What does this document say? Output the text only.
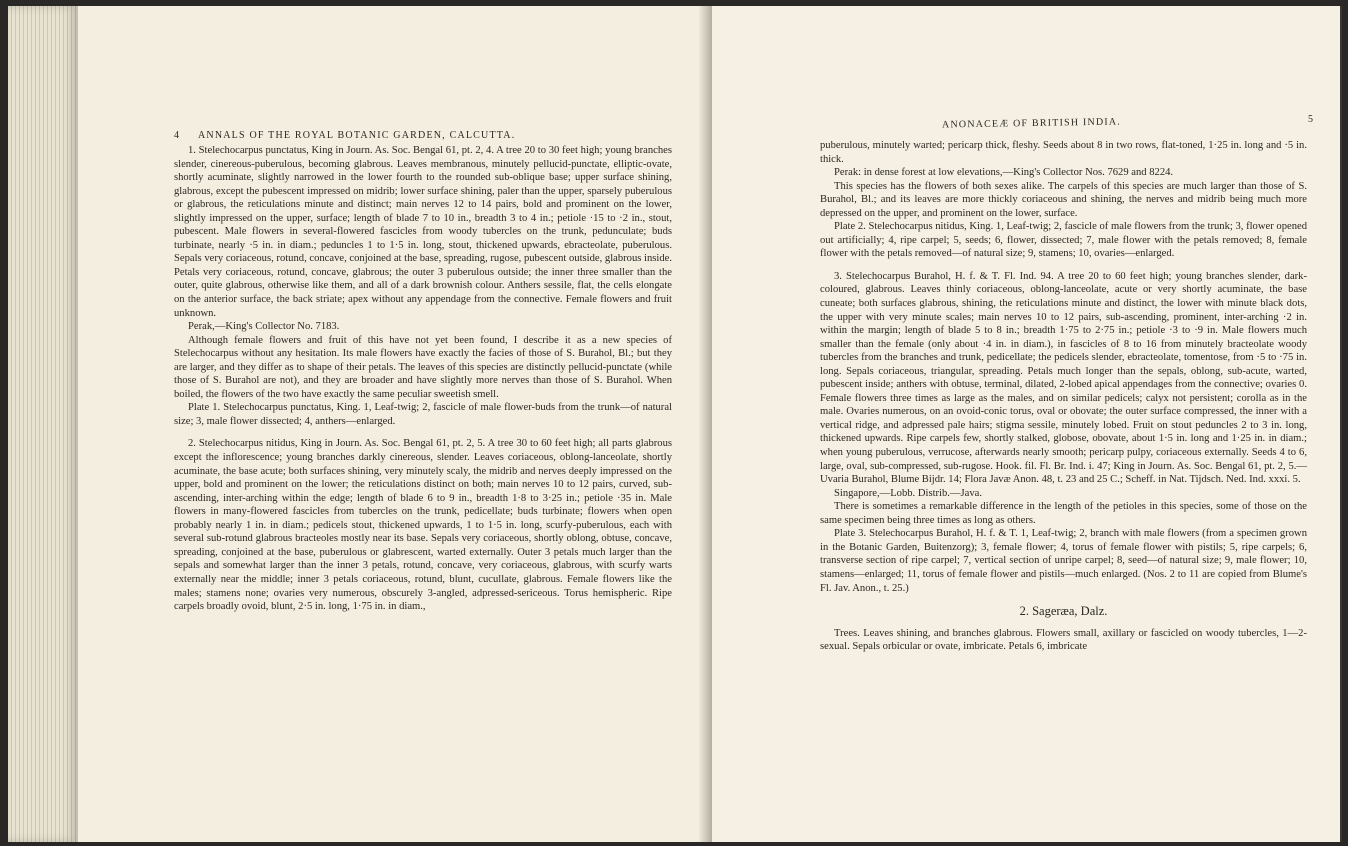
4 ANNALS OF THE ROYAL BOTANIC GARDEN, CALCUTTA.

1. Stelechocarpus punctatus, King in Journ. As. Soc. Bengal 61, pt. 2, 4. A tree 20 to 30 feet high; young branches slender, cinereous-puberulous, becoming glabrous. Leaves membranous, minutely pellucid-punctate, elliptic-ovate, shortly acuminate, slightly narrowed in the lower fourth to the rounded sub-oblique base; upper surface shining, glabrous, except the pubescent impressed on midrib; lower surface shining, paler than the upper, sparsely puberulous or glabrous, the reticulations minute and distinct; main nerves 12 to 14 pairs, bold and prominent on the lower, slightly impressed on the upper, surface; length of blade 7 to 10 in., breadth 3 to 4 in.; petiole ·15 to ·2 in., stout, pubescent. Male flowers in several-flowered fascicles from woody tubercles on the trunk, pedunculate; buds turbinate, nearly ·5 in. in diam.; peduncles 1 to 1·5 in. long, stout, thickened upwards, ebracteolate, puberulous. Sepals very coriaceous, rotund, concave, conjoined at the base, spreading, rugose, pubescent outside, glabrous inside. Petals very coriaceous, rotund, concave, glabrous; the outer 3 puberulous outside; the inner three smaller than the outer, quite glabrous, otherwise like them, and all of a dark brownish colour. Anthers sessile, flat, the cells elongate on the anterior surface, the back striate; apex without any appendage from the connective. Female flowers and fruit unknown.

Perak,—King's Collector No. 7183.

Although female flowers and fruit of this have not yet been found, I describe it as a new species of Stelechocarpus without any hesitation. Its male flowers have exactly the facies of those of S. Burahol, Bl.; but they are larger, and they differ as to shape of their petals. The leaves of this species are distinctly pellucid-punctate (while those of S. Burahol are not), and they are broader and have slightly more nerves than those of S. Burahol. When boiled, the flowers of the two have exactly the same peculiar sweetish smell.

Plate 1. Stelechocarpus punctatus, King. 1, Leaf-twig; 2, fascicle of male flower-buds from the trunk—of natural size; 3, male flower dissected; 4, anthers—enlarged.

2. Stelechocarpus nitidus, King in Journ. As. Soc. Bengal 61, pt. 2, 5. A tree 30 to 60 feet high; all parts glabrous except the inflorescence; young branches darkly cinereous, slender. Leaves coriaceous, oblong-lanceolate, shortly acuminate, the base acute; both surfaces shining, very minutely scaly, the midrib and nerves deeply impressed on the upper, bold and prominent on the lower; the reticulations distinct on both; main nerves 10 to 12 pairs, curved, sub-ascending, inter-arching within the edge; length of blade 6 to 9 in., breadth 1·8 to 3·25 in.; petiole ·35 in. Male flowers in many-flowered fascicles from tubercles on the trunk, pedicellate; buds turbinate; flowers when open probably nearly 1 in. in diam.; pedicels stout, thickened upwards, 1 to 1·5 in. long, scurfy-puberulous, each with several sub-rotund glabrous bracteoles mostly near its base. Sepals very coriaceous, shortly oblong, obtuse, concave, spreading, conjoined at the base, puberulous or glabrescent, warted externally. Outer 3 petals much larger than the sepals and somewhat larger than the inner 3 petals, rotund, concave, very coriaceous, glabrous, with scurfy warts externally near the middle; inner 3 petals coriaceous, rotund, blunt, cucullate, glabrous. Female flowers like the males; stamens none; ovaries very numerous, obscurely 3-angled, adpressed-sericeous. Torus hemispheric. Ripe carpels broadly ovoid, blunt, 2·5 in. long, 1·75 in. in diam.,

ANONACEÆ OF BRITISH INDIA.	5

puberulous, minutely warted; pericarp thick, fleshy. Seeds about 8 in two rows, flat-toned, 1·25 in. long and ·5 in. thick.

Perak: in dense forest at low elevations,—King's Collector Nos. 7629 and 8224.

This species has the flowers of both sexes alike. The carpels of this species are much larger than those of S. Burahol, Bl.; and its leaves are more thickly coriaceous and shining, the nerves and midrib being much more depressed on the upper, and prominent on the lower, surface.

Plate 2. Stelechocarpus nitidus, King. 1, Leaf-twig; 2, fascicle of male flowers from the trunk; 3, flower opened out artificially; 4, ripe carpel; 5, seeds; 6, flower, dissected; 7, male flower with the petals removed; 8, female flower with the petals removed—of natural size; 9, stamens; 10, ovaries—enlarged.

3. Stelechocarpus Burahol, H. f. & T. Fl. Ind. 94. A tree 20 to 60 feet high; young branches slender, dark-coloured, glabrous. Leaves thinly coriaceous, oblong-lanceolate, acute or very shortly acuminate, the base cuneate; both surfaces glabrous, shining, the reticulations minute and distinct, the lower with minute black dots, the upper with very minute scales; main nerves 10 to 12 pairs, sub-ascending, prominent, inter-arching ·2 in. within the margin; length of blade 5 to 8 in.; breadth 1·75 to 2·75 in.; petiole ·3 to ·9 in. Male flowers much smaller than the female (only about ·4 in. in diam.), in fascicles of 8 to 16 from minutely bracteolate woody tubercles from the branches and trunk, pedicellate; the pedicels slender, ebracteolate, tomentose, from ·5 to ·75 in. long. Sepals coriaceous, triangular, spreading. Petals much longer than the sepals, oblong, sub-acute, warted, pubescent inside; anthers with obtuse, terminal, dilated, 2-lobed apical appendages from the connective; ovaries 0. Female flowers three times as large as the males, and on similar pedicels; calyx not persistent; corolla as in the male. Ovaries numerous, on an ovoid-conic torus, oval or obovate; the outer surface compressed, the inner with a vertical ridge, and adpressed pale hairs; stigma sessile, minutely lobed. Fruit on stout peduncles 2 to 3 in. long, thickened upwards. Ripe carpels few, shortly stalked, globose, obovate, about 1·5 in. long and 1·25 in. in diam.; when young puberulous, verrucose, afterwards nearly smooth; pericarp pulpy, coriaceous externally. Seeds 4 to 6, large, oval, sub-compressed, sub-rugose. Hook. fil. Fl. Br. Ind. i. 47; King in Journ. As. Soc. Bengal 61, pt. 2, 5.—Uvaria Burahol, Blume Bijdr. 14; Flora Javæ Anon. 48, t. 23 and 25 C.; Scheff. in Nat. Tijdsch. Ned. Ind. xxxi. 5.

Singapore,—Lobb. Distrib.—Java.

There is sometimes a remarkable difference in the length of the petioles in this species, some of those on the same specimen being three times as long as others.

Plate 3. Stelechocarpus Burahol, H. f. & T. 1, Leaf-twig; 2, branch with male flowers (from a specimen grown in the Botanic Garden, Buitenzorg); 3, female flower; 4, torus of female flower with pistils; 5, ripe carpels; 6, transverse section of ripe carpel; 7, vertical section of unripe carpel; 8, seed—of natural size; 9, male flower; 10, stamens—enlarged; 11, torus of female flower and pistils—much enlarged. (Nos. 2 to 11 are copied from Blume's Fl. Jav. Anon., t. 25.)

2. Sageræa, Dalz.

Trees. Leaves shining, and branches glabrous. Flowers small, axillary or fascicled on woody tubercles, 1—2-sexual. Sepals orbicular or ovate, imbricate. Petals 6, imbricate
